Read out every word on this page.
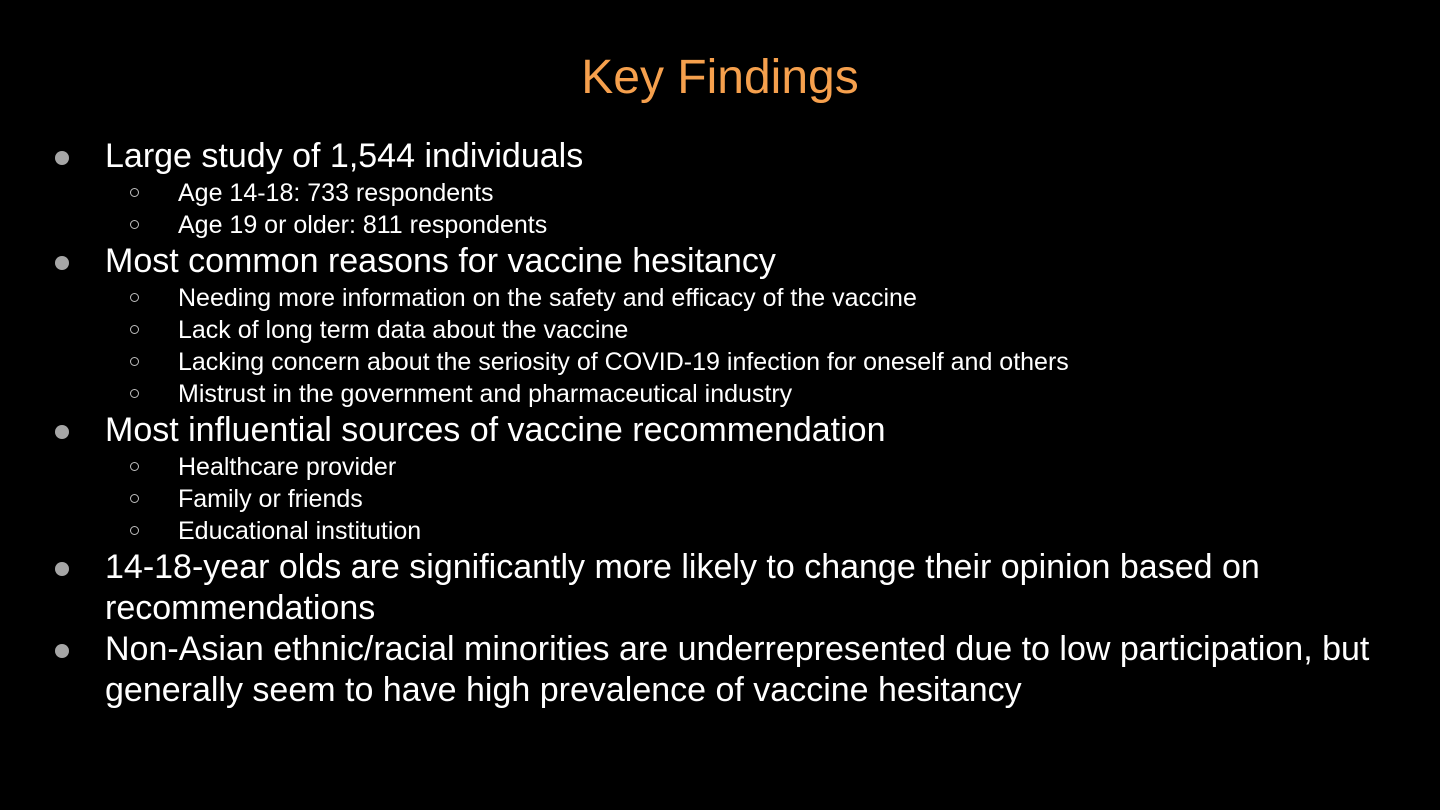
Key Findings
Large study of 1,544 individuals
Age 14-18: 733 respondents
Age 19 or older: 811 respondents
Most common reasons for vaccine hesitancy
Needing more information on the safety and efficacy of the vaccine
Lack of long term data about the vaccine
Lacking concern about the seriosity of COVID-19 infection for oneself and others
Mistrust in the government and pharmaceutical industry
Most influential sources of vaccine recommendation
Healthcare provider
Family or friends
Educational institution
14-18-year olds are significantly more likely to change their opinion based on recommendations
Non-Asian ethnic/racial minorities are underrepresented due to low participation, but generally seem to have high prevalence of vaccine hesitancy
